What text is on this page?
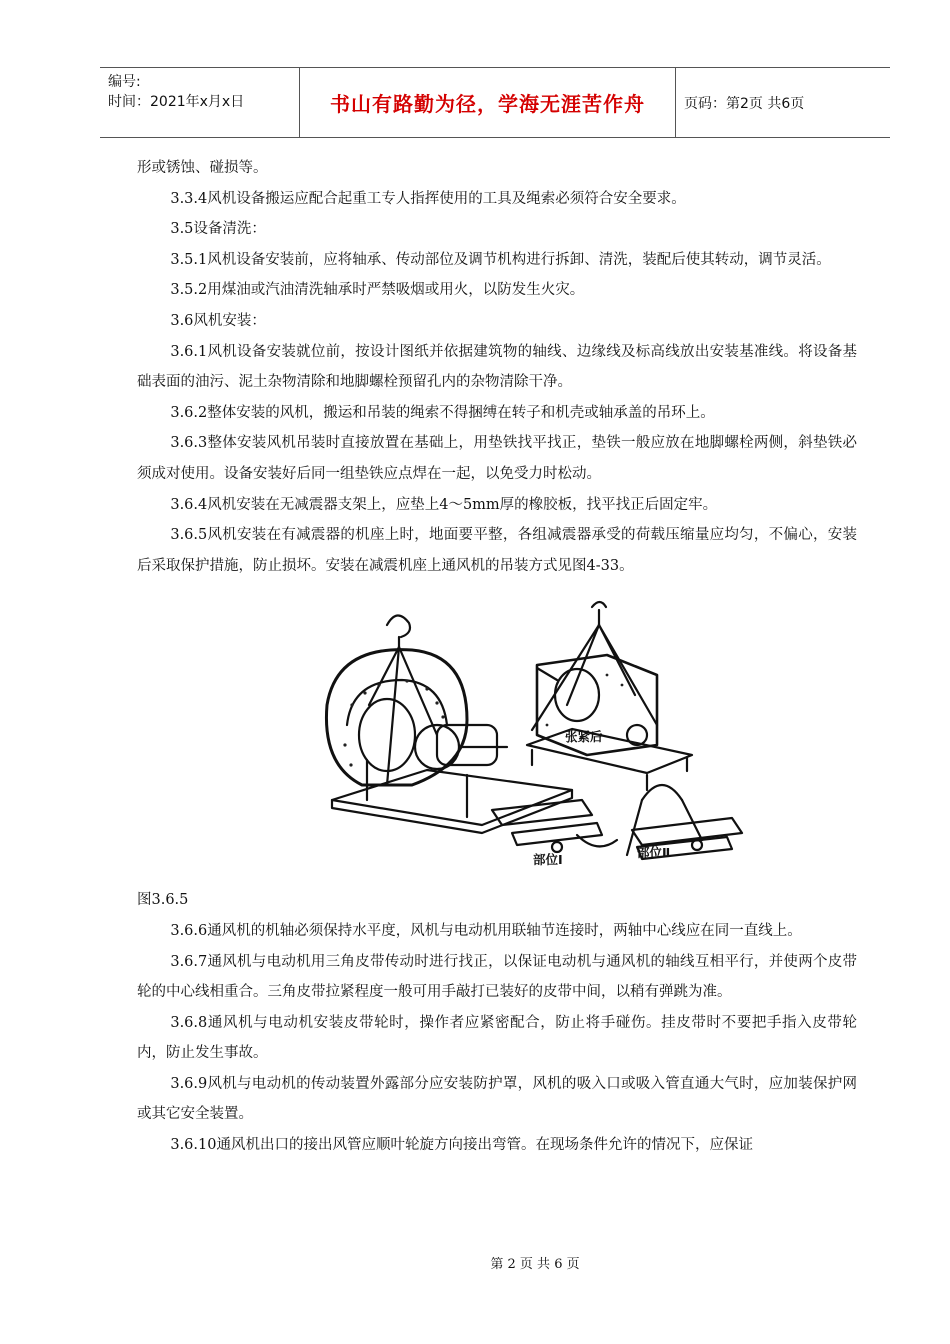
编号:
时间：2021年x月x日	书山有路勤为径，学海无涯苦作舟	页码：第2页 共6页

形或锈蚀、碰损等。

3.3.4风机设备搬运应配合起重工专人指挥使用的工具及绳索必须符合安全要求。

3.5设备清洗：

3.5.1风机设备安装前，应将轴承、传动部位及调节机构进行拆卸、清洗，装配后使其转动，调节灵活。

3.5.2用煤油或汽油清洗轴承时严禁吸烟或用火，以防发生火灾。

3.6风机安装：

3.6.1风机设备安装就位前，按设计图纸并依据建筑物的轴线、边缘线及标高线放出安装基准线。将设备基础表面的油污、泥土杂物清除和地脚螺栓预留孔内的杂物清除干净。

3.6.2整体安装的风机，搬运和吊装的绳索不得捆缚在转子和机壳或轴承盖的吊环上。

3.6.3整体安装风机吊装时直接放置在基础上，用垫铁找平找正，垫铁一般应放在地脚螺栓两侧，斜垫铁必须成对使用。设备安装好后同一组垫铁应点焊在一起，以免受力时松动。

3.6.4风机安装在无减震器支架上，应垫上4～5mm厚的橡胶板，找平找正后固定牢。

3.6.5风机安装在有减震器的机座上时，地面要平整，各组减震器承受的荷载压缩量应均匀，不偏心，安装后采取保护措施，防止损坏。安装在减震机座上通风机的吊装方式见图4-33。

张紧后
部位Ⅰ	部位Ⅱ

图3.6.5

3.6.6通风机的机轴必须保持水平度，风机与电动机用联轴节连接时，两轴中心线应在同一直线上。

3.6.7通风机与电动机用三角皮带传动时进行找正，以保证电动机与通风机的轴线互相平行，并使两个皮带轮的中心线相重合。三角皮带拉紧程度一般可用手敲打已装好的皮带中间，以稍有弹跳为准。

3.6.8通风机与电动机安装皮带轮时，操作者应紧密配合，防止将手碰伤。挂皮带时不要把手指入皮带轮内，防止发生事故。

3.6.9风机与电动机的传动装置外露部分应安装防护罩，风机的吸入口或吸入管直通大气时，应加装保护网或其它安全装置。

3.6.10通风机出口的接出风管应顺叶轮旋方向接出弯管。在现场条件允许的情况下，应保证

第 2 页 共 6 页
